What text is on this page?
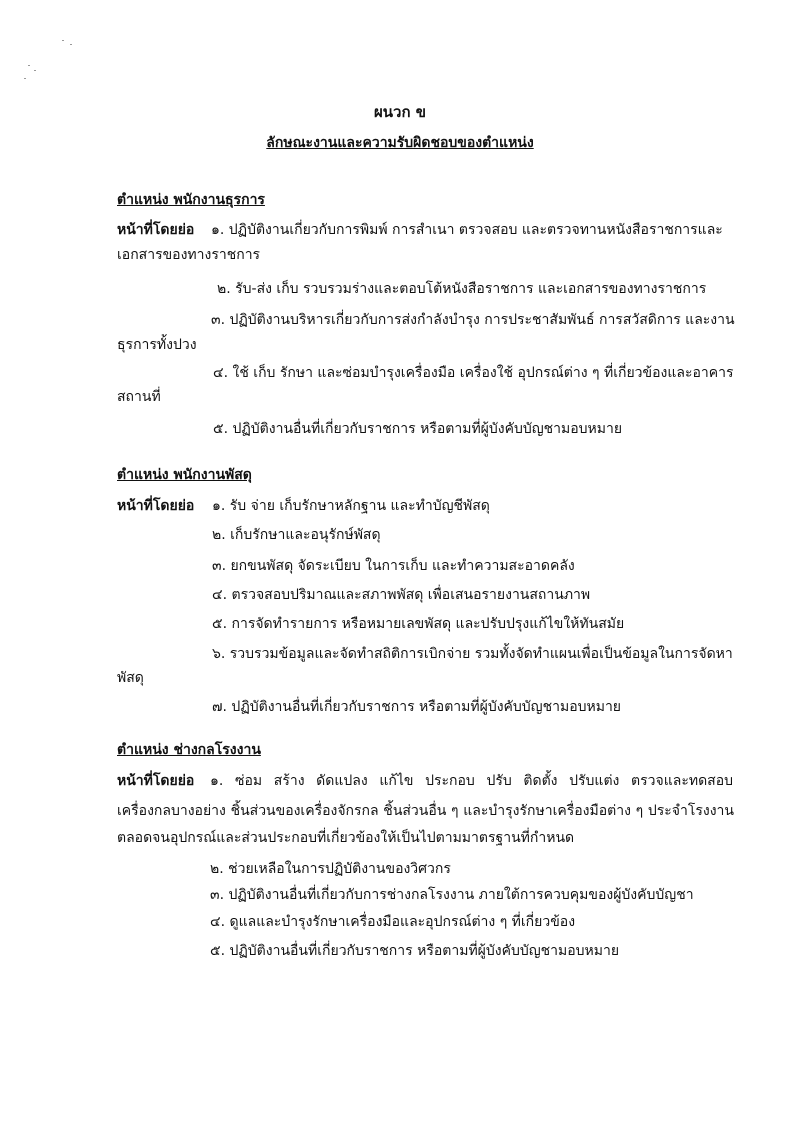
ผนวก ข
ลักษณะงานและความรับผิดชอบของตำแหน่ง
ตำแหน่ง พนักงานธุรการ
หน้าที่โดยย่อ ๑. ปฏิบัติงานเกี่ยวกับการพิมพ์ การสำเนา ตรวจสอบ และตรวจทานหนังสือราชการและ
เอกสารของทางราชการ
๒. รับ-ส่ง เก็บ รวบรวมร่างและตอบโต้หนังสือราชการ และเอกสารของทางราชการ
๓. ปฏิบัติงานบริหารเกี่ยวกับการส่งกำลังบำรุง การประชาสัมพันธ์ การสวัสดิการ และงาน
ธุรการทั้งปวง
๔. ใช้ เก็บ รักษา และซ่อมบำรุงเครื่องมือ เครื่องใช้ อุปกรณ์ต่าง ๆ ที่เกี่ยวข้องและอาคาร
สถานที่
๕. ปฏิบัติงานอื่นที่เกี่ยวกับราชการ หรือตามที่ผู้บังคับบัญชามอบหมาย
ตำแหน่ง พนักงานพัสดุ
หน้าที่โดยย่อ ๑. รับ จ่าย เก็บรักษาหลักฐาน และทำบัญชีพัสดุ
๒. เก็บรักษาและอนุรักษ์พัสดุ
๓. ยกขนพัสดุ จัดระเบียบ ในการเก็บ และทำความสะอาดคลัง
๔. ตรวจสอบปริมาณและสภาพพัสดุ เพื่อเสนอรายงานสถานภาพ
๕. การจัดทำรายการ หรือหมายเลขพัสดุ และปรับปรุงแก้ไขให้ทันสมัย
๖. รวบรวมข้อมูลและจัดทำสถิติการเบิกจ่าย รวมทั้งจัดทำแผนเพื่อเป็นข้อมูลในการจัดหา
พัสดุ
๗. ปฏิบัติงานอื่นที่เกี่ยวกับราชการ หรือตามที่ผู้บังคับบัญชามอบหมาย
ตำแหน่ง ช่างกลโรงงาน
หน้าที่โดยย่อ ๑. ซ่อม สร้าง ดัดแปลง แก้ไข ประกอบ ปรับ ติดตั้ง ปรับแต่ง ตรวจและทดสอบ
เครื่องกลบางอย่าง ชิ้นส่วนของเครื่องจักรกล ชิ้นส่วนอื่น ๆ และบำรุงรักษาเครื่องมือต่าง ๆ ประจำโรงงาน
ตลอดจนอุปกรณ์และส่วนประกอบที่เกี่ยวข้องให้เป็นไปตามมาตรฐานที่กำหนด
๒. ช่วยเหลือในการปฏิบัติงานของวิศวกร
๓. ปฏิบัติงานอื่นที่เกี่ยวกับการช่างกลโรงงาน ภายใต้การควบคุมของผู้บังคับบัญชา
๔. ดูแลและบำรุงรักษาเครื่องมือและอุปกรณ์ต่าง ๆ ที่เกี่ยวข้อง
๕. ปฏิบัติงานอื่นที่เกี่ยวกับราชการ หรือตามที่ผู้บังคับบัญชามอบหมาย
